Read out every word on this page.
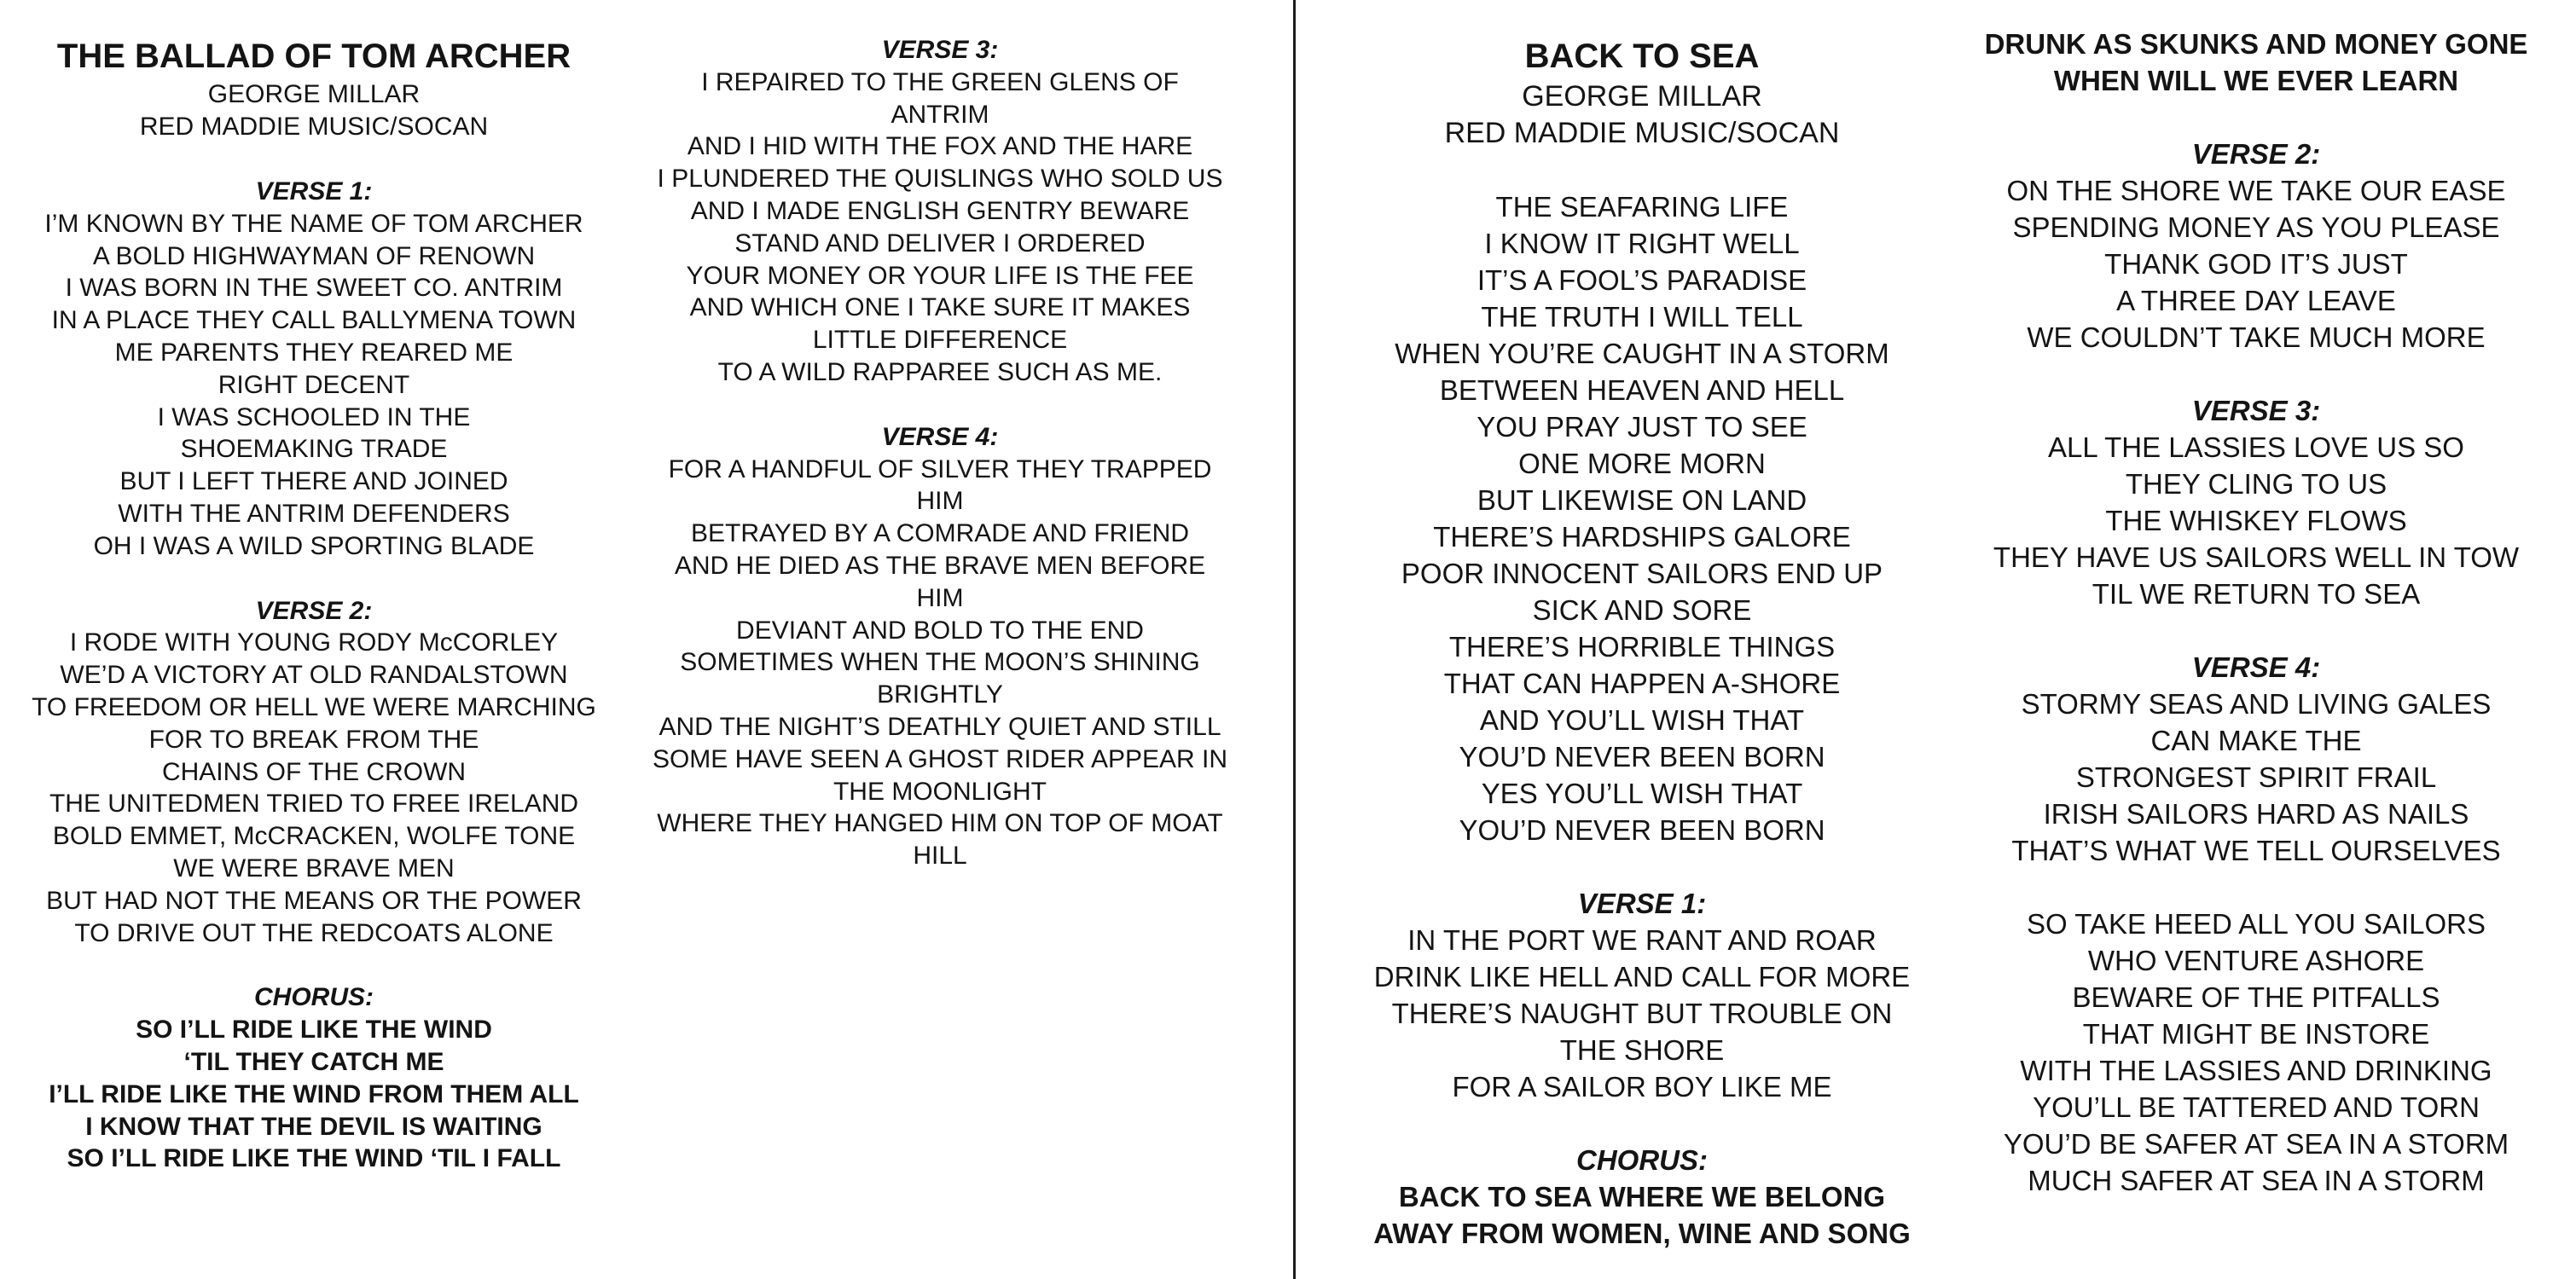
THE BALLAD OF TOM ARCHER
GEORGE MILLAR
RED MADDIE MUSIC/SOCAN
VERSE 1:
I’M KNOWN BY THE NAME OF TOM ARCHER
A BOLD HIGHWAYMAN OF RENOWN
I WAS BORN IN THE SWEET CO. ANTRIM
IN A PLACE THEY CALL BALLYMENA TOWN
ME PARENTS THEY REARED ME
RIGHT DECENT
I WAS SCHOOLED IN THE
SHOEMAKING TRADE
BUT I LEFT THERE AND JOINED
WITH THE ANTRIM DEFENDERS
OH I WAS A WILD SPORTING BLADE
VERSE 2:
I RODE WITH YOUNG RODY McCORLEY
WE’D A VICTORY AT OLD RANDALSTOWN
TO FREEDOM OR HELL WE WERE MARCHING
FOR TO BREAK FROM THE
CHAINS OF THE CROWN
THE UNITEDMEN TRIED TO FREE IRELAND
BOLD EMMET, McCRACKEN, WOLFE TONE
WE WERE BRAVE MEN
BUT HAD NOT THE MEANS OR THE POWER
TO DRIVE OUT THE REDCOATS ALONE
CHORUS:
SO I’LL RIDE LIKE THE WIND
‘TIL THEY CATCH ME
I’LL RIDE LIKE THE WIND FROM THEM ALL
I KNOW THAT THE DEVIL IS WAITING
SO I’LL RIDE LIKE THE WIND ‘TIL I FALL
VERSE 3:
I REPAIRED TO THE GREEN GLENS OF
ANTRIM
AND I HID WITH THE FOX AND THE HARE
I PLUNDERED THE QUISLINGS WHO SOLD US
AND I MADE ENGLISH GENTRY BEWARE
STAND AND DELIVER I ORDERED
YOUR MONEY OR YOUR LIFE IS THE FEE
AND WHICH ONE I TAKE SURE IT MAKES
LITTLE DIFFERENCE
TO A WILD RAPPAREE SUCH AS ME.
VERSE 4:
FOR A HANDFUL OF SILVER THEY TRAPPED
HIM
BETRAYED BY A COMRADE AND FRIEND
AND HE DIED AS THE BRAVE MEN BEFORE
HIM
DEVIANT AND BOLD TO THE END
SOMETIMES WHEN THE MOON’S SHINING
BRIGHTLY
AND THE NIGHT’S DEATHLY QUIET AND STILL
SOME HAVE SEEN A GHOST RIDER APPEAR IN
THE MOONLIGHT
WHERE THEY HANGED HIM ON TOP OF MOAT
HILL
BACK TO SEA
GEORGE MILLAR
RED MADDIE MUSIC/SOCAN
THE SEAFARING LIFE
I KNOW IT RIGHT WELL
IT’S A FOOL’S PARADISE
THE TRUTH I WILL TELL
WHEN YOU’RE CAUGHT IN A STORM
BETWEEN HEAVEN AND HELL
YOU PRAY JUST TO SEE
ONE MORE MORN
BUT LIKEWISE ON LAND
THERE’S HARDSHIPS GALORE
POOR INNOCENT SAILORS END UP
SICK AND SORE
THERE’S HORRIBLE THINGS
THAT CAN HAPPEN A-SHORE
AND YOU’LL WISH THAT
YOU’D NEVER BEEN BORN
YES YOU’LL WISH THAT
YOU’D NEVER BEEN BORN
VERSE 1:
IN THE PORT WE RANT AND ROAR
DRINK LIKE HELL AND CALL FOR MORE
THERE’S NAUGHT BUT TROUBLE ON
THE SHORE
FOR A SAILOR BOY LIKE ME
CHORUS:
BACK TO SEA WHERE WE BELONG
AWAY FROM WOMEN, WINE AND SONG
DRUNK AS SKUNKS AND MONEY GONE
WHEN WILL WE EVER LEARN
VERSE 2:
ON THE SHORE WE TAKE OUR EASE
SPENDING MONEY AS YOU PLEASE
THANK GOD IT’S JUST
A THREE DAY LEAVE
WE COULDN’T TAKE MUCH MORE
VERSE 3:
ALL THE LASSIES LOVE US SO
THEY CLING TO US
THE WHISKEY FLOWS
THEY HAVE US SAILORS WELL IN TOW
TIL WE RETURN TO SEA
VERSE 4:
STORMY SEAS AND LIVING GALES
CAN MAKE THE
STRONGEST SPIRIT FRAIL
IRISH SAILORS HARD AS NAILS
THAT’S WHAT WE TELL OURSELVES
SO TAKE HEED ALL YOU SAILORS
WHO VENTURE ASHORE
BEWARE OF THE PITFALLS
THAT MIGHT BE INSTORE
WITH THE LASSIES AND DRINKING
YOU’LL BE TATTERED AND TORN
YOU’D BE SAFER AT SEA IN A STORM
MUCH SAFER AT SEA IN A STORM
